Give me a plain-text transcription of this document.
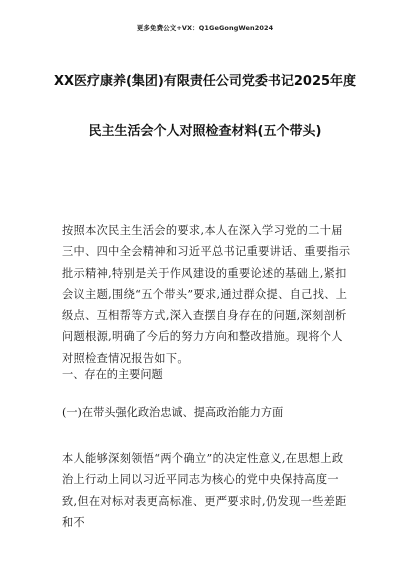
更多免费公文+VX：Q1GeGongWen2024
XX医疗康养(集团)有限责任公司党委书记2025年度
民主生活会个人对照检查材料(五个带头)
按照本次民主生活会的要求,本人在深入学习党的二十届三中、四中全会精神和习近平总书记重要讲话、重要指示批示精神,特别是关于作风建设的重要论述的基础上,紧扣会议主题,围绕“五个带头”要求,通过群众提、自己找、上级点、互相帮等方式,深入查摆自身存在的问题,深刻剖析问题根源,明确了今后的努力方向和整改措施。现将个人对照检查情况报告如下。
一、存在的主要问题
(一)在带头强化政治忠诚、提高政治能力方面
本人能够深刻领悟“两个确立”的决定性意义,在思想上政治上行动上同以习近平同志为核心的党中央保持高度一致,但在对标对表更高标准、更严要求时,仍发现一些差距和不
